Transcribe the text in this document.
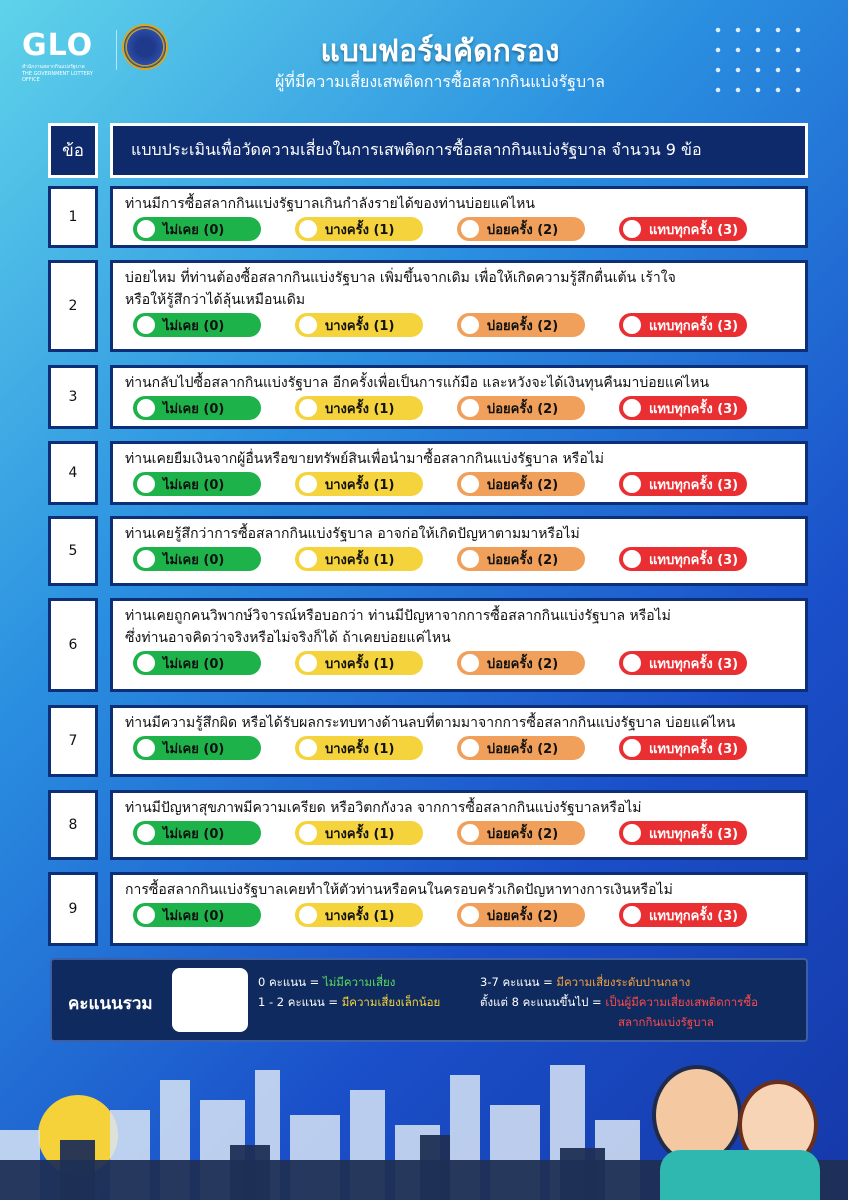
GLO
สำนักงานสลากกินแบ่งรัฐบาล
THE GOVERNMENT LOTTERY OFFICE
แบบฟอร์มคัดกรอง
ผู้ที่มีความเสี่ยงเสพติดการซื้อสลากกินแบ่งรัฐบาล
ข้อ	แบบประเมินเพื่อวัดความเสี่ยงในการเสพติดการซื้อสลากกินแบ่งรัฐบาล จำนวน 9 ข้อ
1
ท่านมีการซื้อสลากกินแบ่งรัฐบาลเกินกำลังรายได้ของท่านบ่อยแค่ไหน
ไม่เคย (0)	บางครั้ง (1)	บ่อยครั้ง (2)	แทบทุกครั้ง (3)
2
บ่อยไหม ที่ท่านต้องซื้อสลากกินแบ่งรัฐบาล เพิ่มขึ้นจากเดิม เพื่อให้เกิดความรู้สึกตื่นเต้น เร้าใจ
หรือให้รู้สึกว่าได้ลุ้นเหมือนเดิม
ไม่เคย (0)	บางครั้ง (1)	บ่อยครั้ง (2)	แทบทุกครั้ง (3)
3
ท่านกลับไปซื้อสลากกินแบ่งรัฐบาล อีกครั้งเพื่อเป็นการแก้มือ และหวังจะได้เงินทุนคืนมาบ่อยแค่ไหน
ไม่เคย (0)	บางครั้ง (1)	บ่อยครั้ง (2)	แทบทุกครั้ง (3)
4
ท่านเคยยืมเงินจากผู้อื่นหรือขายทรัพย์สินเพื่อนำมาซื้อสลากกินแบ่งรัฐบาล หรือไม่
ไม่เคย (0)	บางครั้ง (1)	บ่อยครั้ง (2)	แทบทุกครั้ง (3)
5
ท่านเคยรู้สึกว่าการซื้อสลากกินแบ่งรัฐบาล อาจก่อให้เกิดปัญหาตามมาหรือไม่
ไม่เคย (0)	บางครั้ง (1)	บ่อยครั้ง (2)	แทบทุกครั้ง (3)
6
ท่านเคยถูกคนวิพากษ์วิจารณ์หรือบอกว่า ท่านมีปัญหาจากการซื้อสลากกินแบ่งรัฐบาล หรือไม่
ซึ่งท่านอาจคิดว่าจริงหรือไม่จริงก็ได้ ถ้าเคยบ่อยแค่ไหน
ไม่เคย (0)	บางครั้ง (1)	บ่อยครั้ง (2)	แทบทุกครั้ง (3)
7
ท่านมีความรู้สึกผิด หรือได้รับผลกระทบทางด้านลบที่ตามมาจากการซื้อสลากกินแบ่งรัฐบาล บ่อยแค่ไหน
ไม่เคย (0)	บางครั้ง (1)	บ่อยครั้ง (2)	แทบทุกครั้ง (3)
8
ท่านมีปัญหาสุขภาพมีความเครียด หรือวิตกกังวล จากการซื้อสลากกินแบ่งรัฐบาลหรือไม่
ไม่เคย (0)	บางครั้ง (1)	บ่อยครั้ง (2)	แทบทุกครั้ง (3)
9
การซื้อสลากกินแบ่งรัฐบาลเคยทำให้ตัวท่านหรือคนในครอบครัวเกิดปัญหาทางการเงินหรือไม่
ไม่เคย (0)	บางครั้ง (1)	บ่อยครั้ง (2)	แทบทุกครั้ง (3)
คะแนนรวม
0 คะแนน = ไม่มีความเสี่ยง
1 - 2 คะแนน = มีความเสี่ยงเล็กน้อย
3-7 คะแนน = มีความเสี่ยงระดับปานกลาง
ตั้งแต่ 8 คะแนนขึ้นไป = เป็นผู้มีความเสี่ยงเสพติดการซื้อ
สลากกินแบ่งรัฐบาล
